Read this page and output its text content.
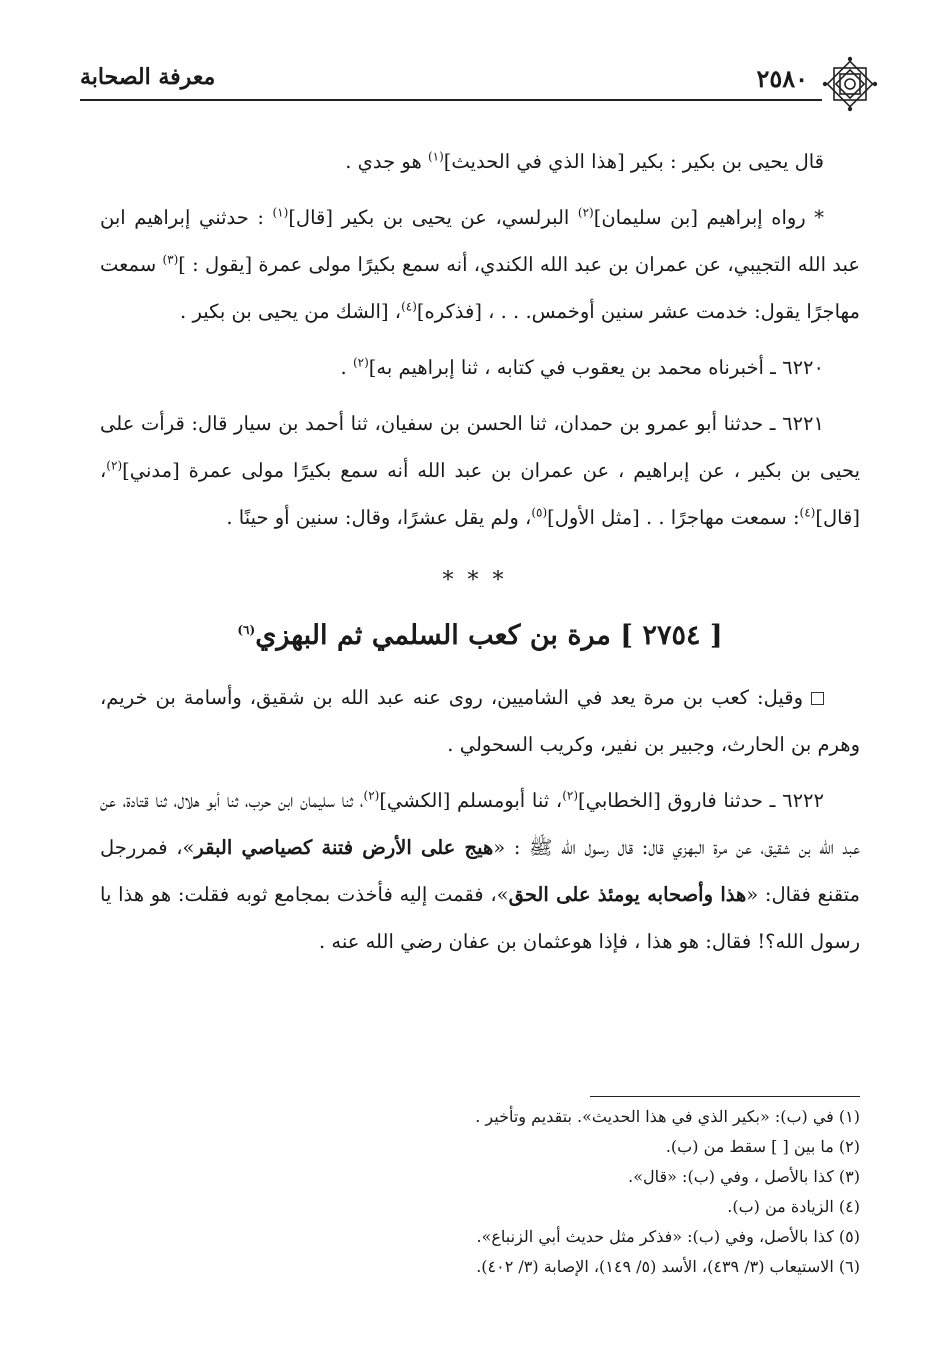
٢٥٨٠
معرفة الصحابة

قال يحيى بن بكير : بكير [هذا الذي في الحديث]$^{(١)}$ هو جدي .

* رواه إبراهيم [بن سليمان]$^{(٢)}$ البرلسي، عن يحيى بن بكير [قال]$^{(١)}$ : حدثني إبراهيم ابن عبد الله التجيبي، عن عمران بن عبد الله الكندي، أنه سمع بكيرًا مولى عمرة [يقول : ]$^{(٣)}$ سمعت مهاجرًا يقول: خدمت عشر سنين أوخمس. . . ، [فذكره]$^{(٤)}$، [الشك من يحيى بن بكير .

٦٢٢٠ ـ أخبرناه محمد بن يعقوب في كتابه ، ثنا إبراهيم به]$^{(٢)}$ .

٦٢٢١ ـ حدثنا أبو عمرو بن حمدان، ثنا الحسن بن سفيان، ثنا أحمد بن سيار قال: قرأت على يحيى بن بكير ، عن إبراهيم ، عن عمران بن عبد الله أنه سمع بكيرًا مولى عمرة [مدني]$^{(٢)}$، [قال]$^{(٤)}$: سمعت مهاجرًا . . [مثل الأول]$^{(٥)}$، ولم يقل عشرًا، وقال: سنين أو حينًا .

***

[ ٢٧٥٤ ] مرة بن كعب السلمي ثم البهزي$^{(٦)}$

وقيل: كعب بن مرة يعد في الشاميين، روى عنه عبد الله بن شقيق، وأسامة بن خريم، وهرم بن الحارث، وجبير بن نفير، وكريب السحولي .

٦٢٢٢ ـ حدثنا فاروق [الخطابي]$^{(٢)}$، ثنا أبومسلم [الكشي]$^{(٢)}$، ثنا سليمان ابن حرب، ثنا أبو هلال، ثنا قتادة، عن عبد الله بن شقيق، عن مرة البهزي قال: قال رسول الله ﷺ : «هيج على الأرض فتنة كصياصي البقر»، فمررجل متقنع فقال: «هذا وأصحابه يومئذ على الحق»، فقمت إليه فأخذت بمجامع ثوبه فقلت: هو هذا يا رسول الله؟! فقال: هو هذا ، فإذا هوعثمان بن عفان رضي الله عنه .

(١) في (ب): «بكير الذي في هذا الحديث». بتقديم وتأخير .
(٢) ما بين [ ] سقط من (ب).
(٣) كذا بالأصل ، وفي (ب): «قال».
(٤) الزيادة من (ب).
(٥) كذا بالأصل، وفي (ب): «فذكر مثل حديث أبي الزنباع».
(٦) الاستيعاب (٣/ ٤٣٩)، الأسد (٥/ ١٤٩)، الإصابة (٣/ ٤٠٢).
